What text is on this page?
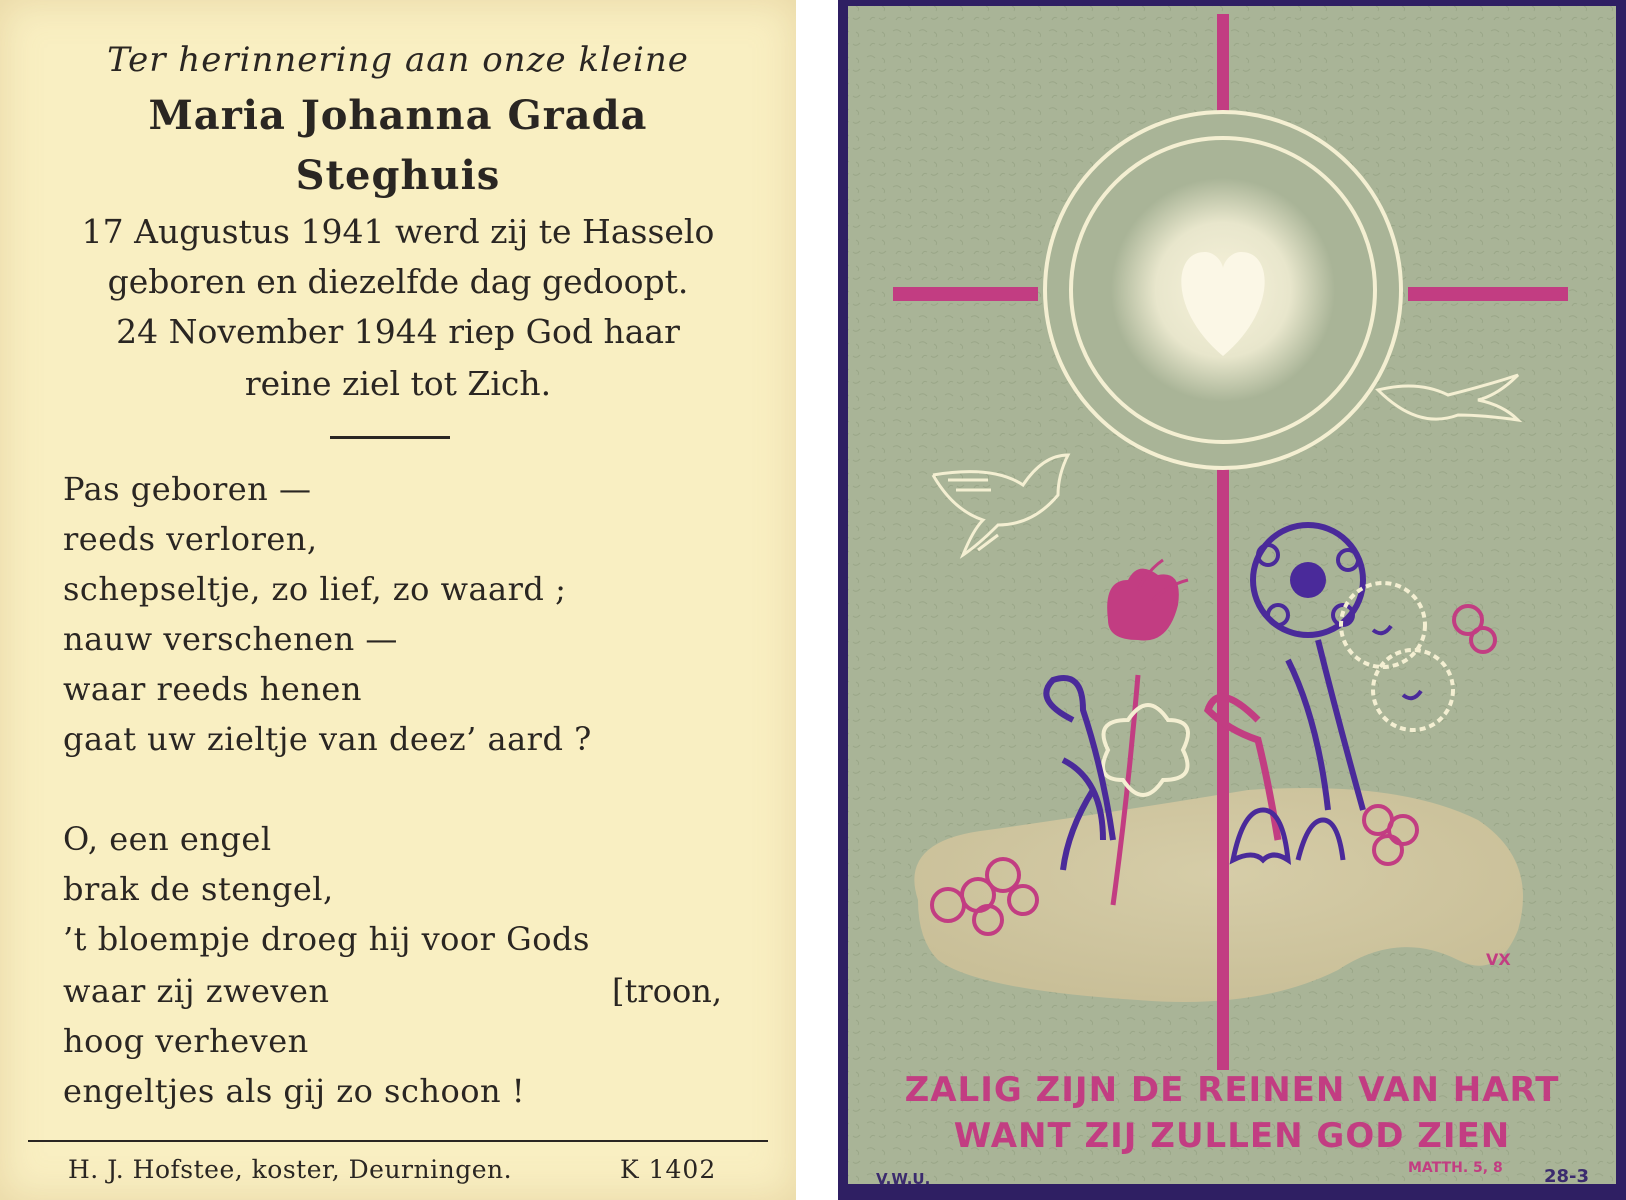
Ter herinnering aan onze klеine
Maria Johanna Grada
Steghuis
17 Augustus 1941 werd zij te Hasselo
geboren en diezelfde dag gedoopt.
24 November 1944 riep God haar
reine ziel tot Zich.
Pas geboren —
reeds verloren,
schepseltje, zo lief, zo waard ;
nauw verschenen —
waar reeds henen
gaat uw zieltje van deez’ aard ?
O, een engel
brak de stengel,
’t bloempje droeg hij voor Gods
waar zij zweven
hoog verheven
engeltjes als gij zo schoon !
[troon,
H. J. Hofstee, koster, Deurningen.	K 1402
VX
ZALIG ZIJN DE REINEN VAN HART
WANT ZIJ ZULLEN GOD ZIEN
V.W.U.
MATTH. 5, 8 28-3
